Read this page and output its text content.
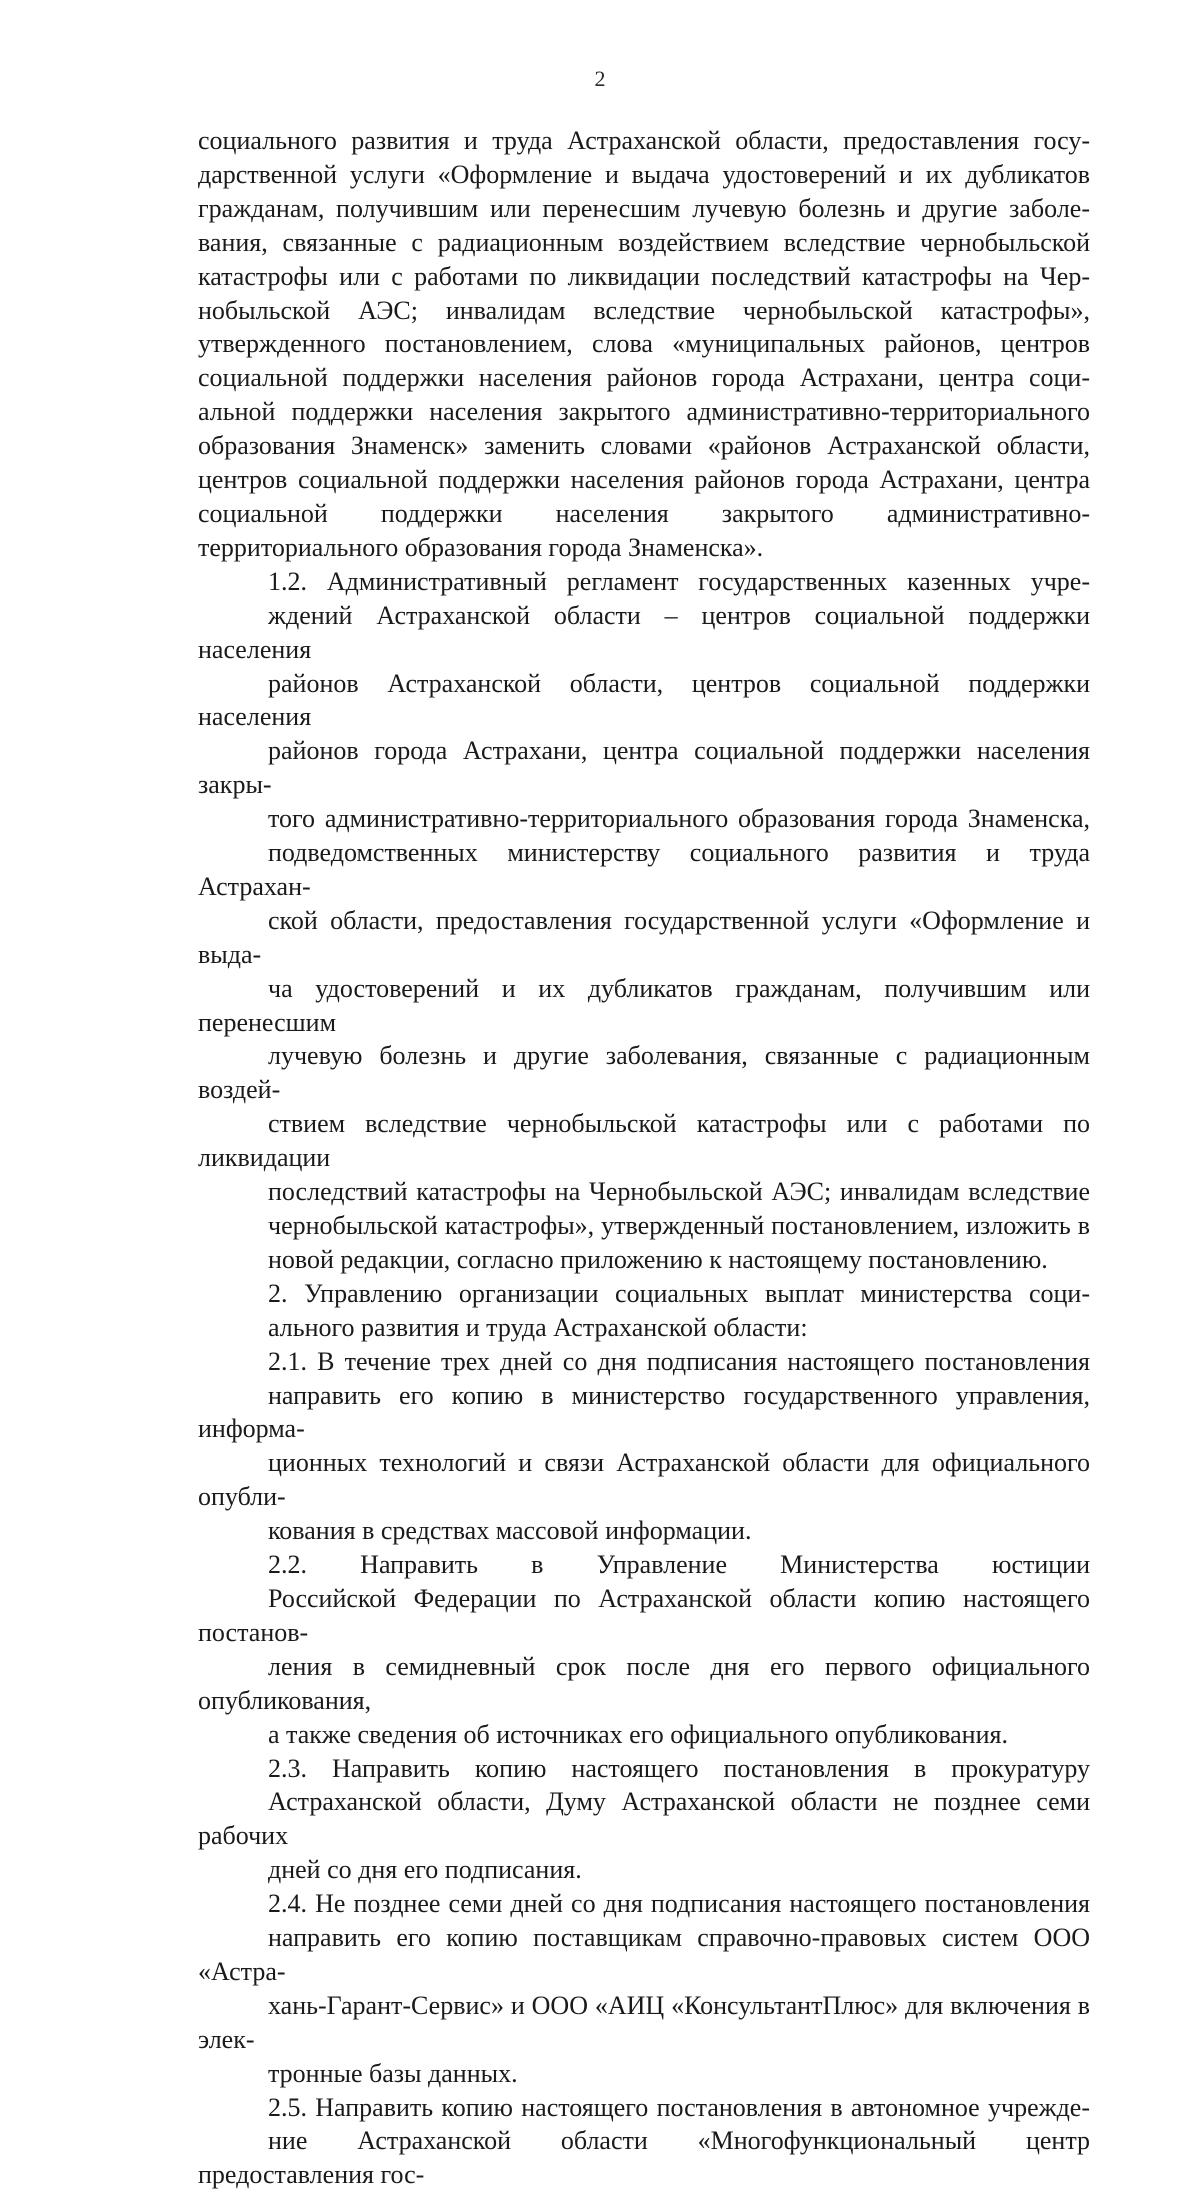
2

социального развития и труда Астраханской области, предоставления госу-
дарственной услуги «Оформление и выдача удостоверений и их дубликатов
гражданам, получившим или перенесшим лучевую болезнь и другие заболе-
вания, связанные с радиационным воздействием вследствие чернобыльской
катастрофы или с работами по ликвидации последствий катастрофы на Чер-
нобыльской АЭС; инвалидам вследствие чернобыльской катастрофы»,
утвержденного постановлением, слова «муниципальных районов, центров
социальной поддержки населения районов города Астрахани, центра соци-
альной поддержки населения закрытого административно-территориального
образования Знаменск» заменить словами «районов Астраханской области,
центров социальной поддержки населения районов города Астрахани, центра
социальной поддержки населения закрытого административно-
территориального образования города Знаменска».

1.2. Административный регламент государственных казенных учре-
ждений Астраханской области – центров социальной поддержки населения
районов Астраханской области, центров социальной поддержки населения
районов города Астрахани, центра социальной поддержки населения закры-
того административно-территориального образования города Знаменска,
подведомственных министерству социального развития и труда Астрахан-
ской области, предоставления государственной услуги «Оформление и выда-
ча удостоверений и их дубликатов гражданам, получившим или перенесшим
лучевую болезнь и другие заболевания, связанные с радиационным воздей-
ствием вследствие чернобыльской катастрофы или с работами по ликвидации
последствий катастрофы на Чернобыльской АЭС; инвалидам вследствие
чернобыльской катастрофы», утвержденный постановлением, изложить в
новой редакции, согласно приложению к настоящему постановлению.

2. Управлению организации социальных выплат министерства соци-
ального развития и труда Астраханской области:

2.1. В течение трех дней со дня подписания настоящего постановления
направить его копию в министерство государственного управления, информа-
ционных технологий и связи Астраханской области для официального опубли-
кования в средствах массовой информации.

2.2. Направить в Управление Министерства юстиции
Российской Федерации по Астраханской области копию настоящего постанов-
ления в семидневный срок после дня его первого официального опубликования,
а также сведения об источниках его официального опубликования.

2.3. Направить копию настоящего постановления в прокуратуру
Астраханской области, Думу Астраханской области не позднее семи рабочих
дней со дня его подписания.

2.4. Не позднее семи дней со дня подписания настоящего постановления
направить его копию поставщикам справочно-правовых систем ООО «Астра-
хань-Гарант-Сервис» и ООО «АИЦ «КонсультантПлюс» для включения в элек-
тронные базы данных.

2.5. Направить копию настоящего постановления в автономное учрежде-
ние Астраханской области «Многофункциональный центр предоставления гос-
